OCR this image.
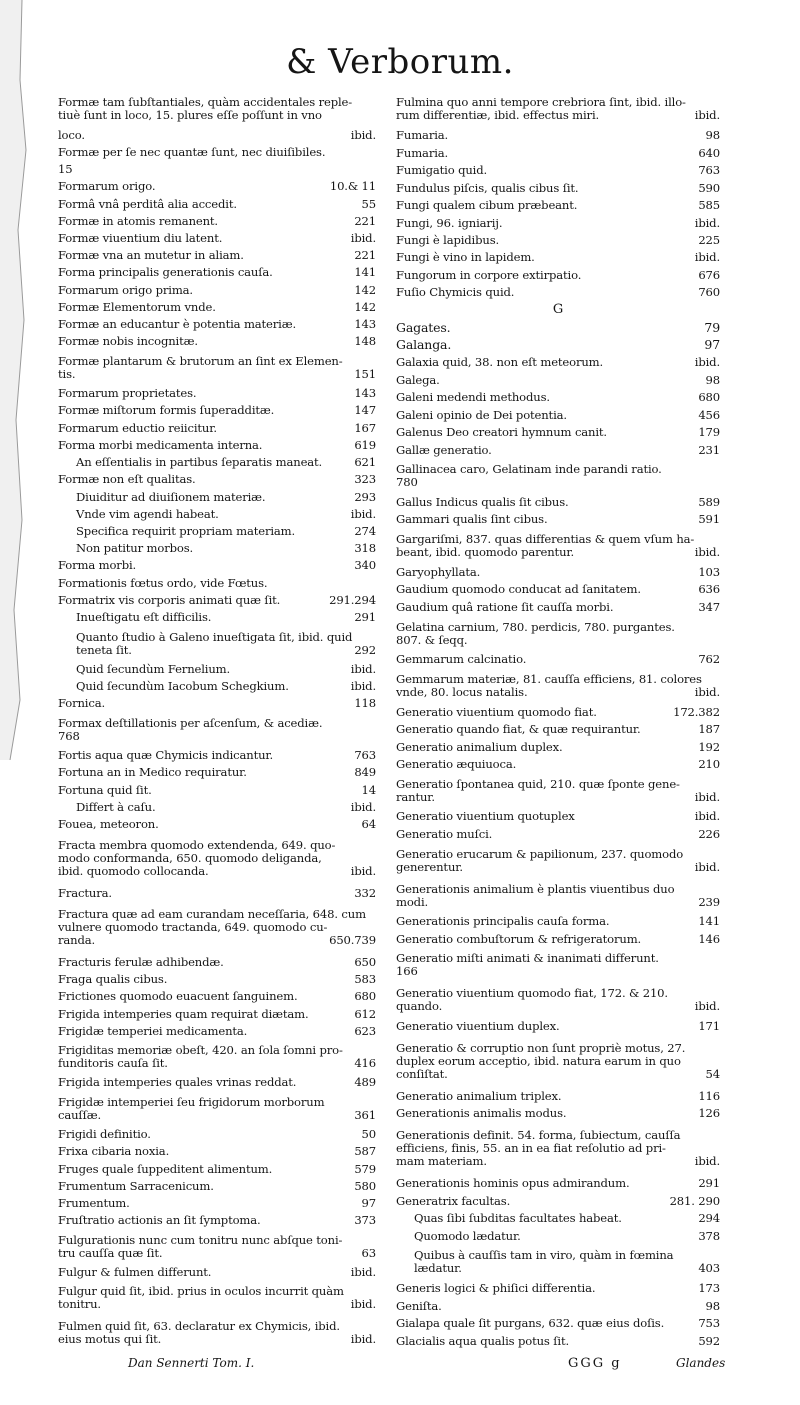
& Verborum.
Formæ tam ſubſtantiales, quàm accidentales reple-
tiuè ſunt in loco, 15. plures eſſe poſſunt in vno
ibid.
loco.
Formæ per ſe nec quantæ ſunt, nec diuiſibiles.
15
10.& 11
Formarum origo.
55
Formâ vnâ perditâ alia accedit.
221
Formæ in atomis remanent.
ibid.
Formæ viuentium diu latent.
221
Formæ vna an mutetur in aliam.
141
Forma principalis generationis cauſa.
142
Formarum origo prima.
142
Formæ Elementorum vnde.
143
Formæ an educantur è potentia materiæ.
148
Formæ nobis incognitæ.
Formæ plantarum & brutorum an ſint ex Elemen-
151
tis.
143
Formarum proprietates.
147
Formæ miſtorum formis ſuperadditæ.
167
Formarum eductio reiicitur.
619
Forma morbi medicamenta interna.
621
An eſſentialis in partibus ſeparatis maneat.
323
Formæ non eſt qualitas.
293
Diuiditur ad diuiſionem materiæ.
ibid.
Vnde vim agendi habeat.
274
Specifica requirit propriam materiam.
318
Non patitur morbos.
340
Forma morbi.
Formationis fœtus ordo, vide Fœtus.
291.294
Formatrix vis corporis animati quæ ſit.
291
Inueſtigatu eſt difficilis.
Quanto ſtudio à Galeno inueſtigata ſit, ibid. quid
292
teneta ſit.
ibid.
Quid ſecundùm Fernelium.
ibid.
Quid ſecundùm Iacobum Schegkium.
118
Fornica.
Formax deſtillationis per aſcenſum, & acediæ.
768
763
Fortis aqua quæ Chymicis indicantur.
849
Fortuna an in Medico requiratur.
14
Fortuna quid ſit.
ibid.
Differt à caſu.
64
Fouea, meteoron.
Fracta membra quomodo extendenda, 649. quo-
modo conformanda, 650. quomodo deliganda,
ibid.
ibid. quomodo collocanda.
332
Fractura.
Fractura quæ ad eam curandam neceſſaria, 648. cum
vulnere quomodo tractanda, 649. quomodo cu-
650.739
randa.
650
Fracturis ferulæ adhibendæ.
583
Fraga qualis cibus.
680
Frictiones quomodo euacuent ſanguinem.
612
Frigida intemperies quam requirat diætam.
623
Frigidæ temperiei medicamenta.
Frigiditas memoriæ obeſt, 420. an ſola ſomni pro-
416
funditoris cauſa ſit.
489
Frigida intemperies quales vrinas reddat.
Frigidæ intemperiei ſeu frigidorum morborum
361
cauſſæ.
50
Frigidi definitio.
587
Frixa cibaria noxia.
579
Fruges quale ſuppeditent alimentum.
580
Frumentum Sarracenicum.
97
Frumentum.
373
Fruſtratio actionis an ſit ſymptoma.
Fulgurationis nunc cum tonitru nunc abſque toni-
63
tru cauſſa quæ ſit.
ibid.
Fulgur & fulmen differunt.
Fulgur quid ſit, ibid. prius in oculos incurrit quàm
ibid.
tonitru.
Fulmen quid ſit, 63. declaratur ex Chymicis, ibid.
ibid.
eius motus qui ſit.
Fulmina quo anni tempore crebriora ſint, ibid. illo-
ibid.
rum differentiæ, ibid. effectus miri.
98
Fumaria.
640
Fumaria.
763
Fumigatio quid.
590
Fundulus piſcis, qualis cibus ſit.
585
Fungi qualem cibum præbeant.
ibid.
Fungi, 96. igniarij.
225
Fungi è lapidibus.
ibid.
Fungi è vino in lapidem.
676
Fungorum in corpore extirpatio.
760
Fuſio Chymicis quid.
G
79
Gagates.
97
Galanga.
ibid.
Galaxia quid, 38. non eſt meteorum.
98
Galega.
680
Galeni medendi methodus.
456
Galeni opinio de Dei potentia.
179
Galenus Deo creatori hymnum canit.
231
Gallæ generatio.
Gallinacea caro, Gelatinam inde parandi ratio.
780
589
Gallus Indicus qualis ſit cibus.
591
Gammari qualis ſint cibus.
Gargariſmi, 837. quas differentias & quem vſum ha-
ibid.
beant, ibid. quomodo parentur.
103
Garyophyllata.
636
Gaudium quomodo conducat ad ſanitatem.
347
Gaudium quâ ratione ſit cauſſa morbi.
Gelatina carnium, 780. perdicis, 780. purgantes.
807. & ſeqq.
762
Gemmarum calcinatio.
Gemmarum materiæ, 81. cauſſa efficiens, 81. colores
ibid.
vnde, 80. locus natalis.
172.382
Generatio viuentium quomodo fiat.
187
Generatio quando fiat, & quæ requirantur.
192
Generatio animalium duplex.
210
Generatio æquiuoca.
Generatio ſpontanea quid, 210. quæ ſponte gene-
ibid.
rantur.
ibid.
Generatio viuentium quotuplex
226
Generatio muſci.
Generatio erucarum & papilionum, 237. quomodo
ibid.
generentur.
Generationis animalium è plantis viuentibus duo
239
modi.
141
Generationis principalis cauſa forma.
146
Generatio combuſtorum & refrigeratorum.
Generatio miſti animati & inanimati differunt.
166
Generatio viuentium quomodo fiat, 172. & 210.
ibid.
quando.
171
Generatio viuentium duplex.
Generatio & corruptio non ſunt propriè motus, 27.
duplex eorum acceptio, ibid. natura earum in quo
54
conſiſtat.
116
Generatio animalium triplex.
126
Generationis animalis modus.
Generationis definit. 54. forma, ſubiectum, cauſſa
efficiens, finis, 55. an in ea fiat reſolutio ad pri-
ibid.
mam materiam.
291
Generationis hominis opus admirandum.
281. 290
Generatrix facultas.
294
Quas ſibi ſubditas facultates habeat.
378
Quomodo lædatur.
Quibus à cauſſis tam in viro, quàm in fœmina
403
lædatur.
173
Generis logici & phiſici differentia.
98
Geniſta.
753
Gialapa quale ſit purgans, 632. quæ eius doſis.
592
Glacialis aqua qualis potus ſit.
Dan Sennerti Tom. I.	GGG g	Glandes
